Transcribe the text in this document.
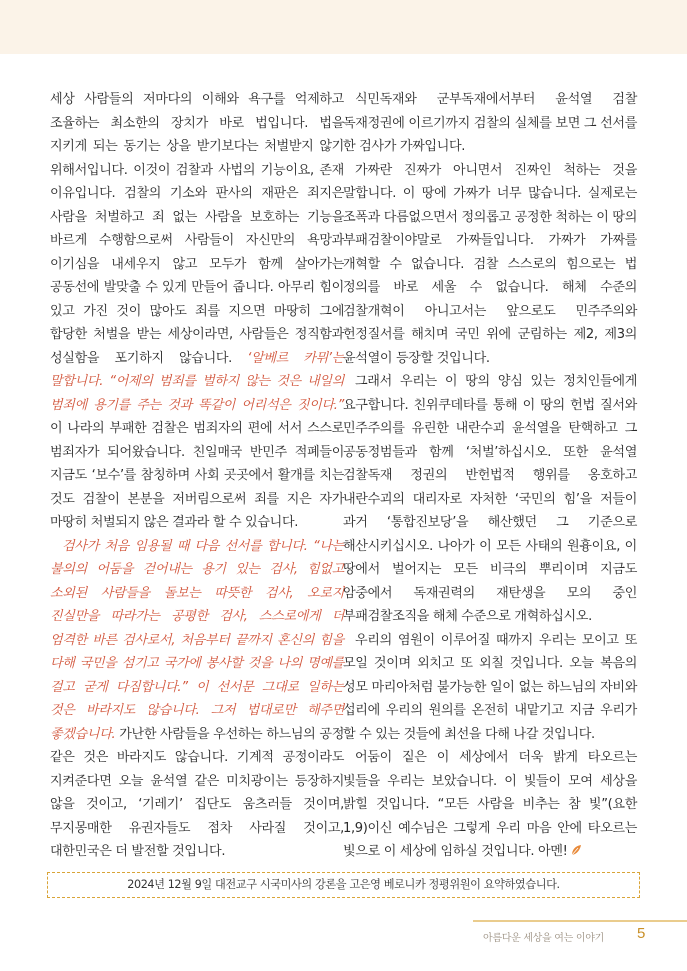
세상 사람들의 저마다의 이해와 욕구를 억제하고 조율하는 최소한의 장치가 바로 법입니다. 법을 지키게 되는 동기는 상을 받기보다는 처벌받지 않기 위해서입니다. 이것이 검찰과 사법의 기능이요, 존재 이유입니다. 검찰의 기소와 판사의 재판은 죄지은 사람을 처벌하고 죄 없는 사람을 보호하는 기능을 바르게 수행함으로써 사람들이 자신만의 욕망과 이기심을 내세우지 않고 모두가 함께 살아가는 공동선에 발맞출 수 있게 만들어 줍니다. 아무리 힘이 있고 가진 것이 많아도 죄를 지으면 마땅히 그에 합당한 처벌을 받는 세상이라면, 사람들은 정직함과 성실함을 포기하지 않습니다. ‘알베르 카뮈’는 말합니다. “어제의 범죄를 벌하지 않는 것은 내일의 범죄에 용기를 주는 것과 똑같이 어리석은 짓이다.” 이 나라의 부패한 검찰은 범죄자의 편에 서서 스스로 범죄자가 되어왔습니다. 친일매국 반민주 적폐들이 지금도 ‘보수’를 참칭하며 사회 곳곳에서 활개를 치는 것도 검찰이 본분을 저버림으로써 죄를 지은 자가 마땅히 처벌되지 않은 결과라 할 수 있습니다.

검사가 처음 임용될 때 다음 선서를 합니다. “나는 불의의 어둠을 걷어내는 용기 있는 검사, 힘없고 소외된 사람들을 돌보는 따뜻한 검사, 오로지 진실만을 따라가는 공평한 검사, 스스로에게 더 엄격한 바른 검사로서, 처음부터 끝까지 혼신의 힘을 다해 국민을 섬기고 국가에 봉사할 것을 나의 명예를 걸고 굳게 다짐합니다.” 이 선서문 그대로 일하는 것은 바라지도 않습니다. 그저 법대로만 해주면 좋겠습니다. 가난한 사람들을 우선하는 하느님의 공정 같은 것은 바라지도 않습니다. 기계적 공정이라도 지켜준다면 오늘 윤석열 같은 미치광이는 등장하지 않을 것이고, ‘기레기’ 집단도 움츠러들 것이며, 무지몽매한 유권자들도 점차 사라질 것이고, 대한민국은 더 발전할 것입니다.

식민독재와 군부독재에서부터 윤석열 검찰 독재정권에 이르기까지 검찰의 실체를 보면 그 선서를 한 검사가 가짜입니다.

가짜란 진짜가 아니면서 진짜인 척하는 것을 말합니다. 이 땅에 가짜가 너무 많습니다. 실제로는 조폭과 다름없으면서 정의롭고 공정한 척하는 이 땅의 부패검찰이야말로 가짜들입니다. 가짜가 가짜를 개혁할 수 없습니다. 검찰 스스로의 힘으로는 법 정의를 바로 세울 수 없습니다. 해체 수준의 검찰개혁이 아니고서는 앞으로도 민주주의와 헌정질서를 해치며 국민 위에 군림하는 제2, 제3의 윤석열이 등장할 것입니다.

그래서 우리는 이 땅의 양심 있는 정치인들에게 요구합니다. 친위쿠데타를 통해 이 땅의 헌법 질서와 민주주의를 유린한 내란수괴 윤석열을 탄핵하고 그 공동정범들과 함께 ‘처벌’하십시오. 또한 윤석열 검찰독재 정권의 반헌법적 행위를 옹호하고 내란수괴의 대리자로 자처한 ‘국민의 힘’을 저들이 과거 ‘통합진보당’을 해산했던 그 기준으로 해산시키십시오. 나아가 이 모든 사태의 원흉이요, 이 땅에서 벌어지는 모든 비극의 뿌리이며 지금도 암중에서 독재권력의 재탄생을 모의 중인 부패검찰조직을 해체 수준으로 개혁하십시오.

우리의 염원이 이루어질 때까지 우리는 모이고 또 모일 것이며 외치고 또 외칠 것입니다. 오늘 복음의 성모 마리아처럼 불가능한 일이 없는 하느님의 자비와 섭리에 우리의 원의를 온전히 내맡기고 지금 우리가 할 수 있는 것들에 최선을 다해 나갈 것입니다.

어둠이 짙은 이 세상에서 더욱 밝게 타오르는 빛들을 우리는 보았습니다. 이 빛들이 모여 세상을 밝힐 것입니다. “모든 사람을 비추는 참 빛”(요한 1,9)이신 예수님은 그렇게 우리 마음 안에 타오르는 빛으로 이 세상에 임하실 것입니다. 아멘!

2024년 12월 9일 대전교구 시국미사의 강론을 고은영 베로니카 정평위원이 요약하였습니다.
아름다운 세상을 여는 이야기 5
